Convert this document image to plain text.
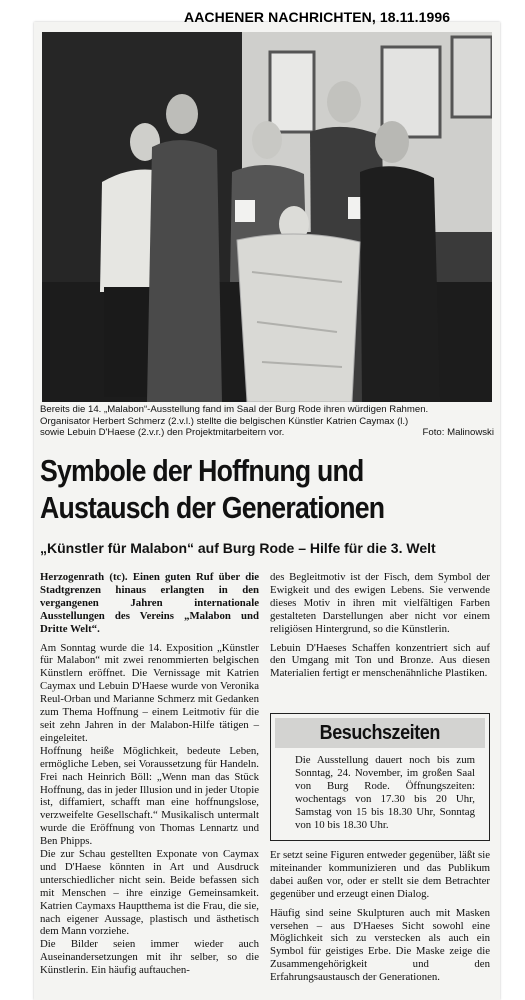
AACHENER NACHRICHTEN, 18.11.1996
Bereits die 14. „Malabon“-Ausstellung fand im Saal der Burg Rode ihren würdigen Rahmen.
Organisator Herbert Schmerz (2.v.l.) stellte die belgischen Künstler Katrien Caymax (l.)
sowie Lebuin D'Haese (2.v.r.) den Projektmitarbeitern vor.	Foto: Malinowski
Symbole der Hoffnung und
Austausch der Generationen
„Künstler für Malabon“ auf Burg Rode – Hilfe für die 3. Welt

Herzogenrath (tc). Einen guten Ruf über die Stadtgrenzen hinaus erlangten in den vergangenen Jahren internationale Ausstellungen des Vereins „Malabon und Dritte Welt“.

Am Sonntag wurde die 14. Exposition „Künstler für Malabon“ mit zwei renommierten belgischen Künstlern eröffnet. Die Vernissage mit Katrien Caymax und Lebuin D'Haese wurde von Veronika Reul-Orban und Marianne Schmerz mit Gedanken zum Thema Hoffnung – einem Leitmotiv für die seit zehn Jahren in der Malabon-Hilfe tätigen – eingeleitet.

Hoffnung heiße Möglichkeit, bedeute Leben, ermögliche Leben, sei Voraussetzung für Handeln. Frei nach Heinrich Böll: „Wenn man das Stück Hoffnung, das in jeder Illusion und in jeder Utopie ist, diffamiert, schafft man eine hoffnungslose, verzweifelte Gesellschaft.“ Musikalisch untermalt wurde die Eröffnung von Thomas Lennartz und Ben Phipps.

Die zur Schau gestellten Exponate von Caymax und D'Haese könnten in Art und Ausdruck unterschiedlicher nicht sein. Beide befassen sich mit Menschen – ihre einzige Gemeinsamkeit. Katrien Caymaxs Hauptthema ist die Frau, die sie, nach eigener Aussage, plastisch und ästhetisch dem Mann vorziehe.

Die Bilder seien immer wieder auch Auseinandersetzungen mit ihr selber, so die Künstlerin. Ein häufig auftauchen-

des Begleitmotiv ist der Fisch, dem Symbol der Ewigkeit und des ewigen Lebens. Sie verwende dieses Motiv in ihren mit vielfältigen Farben gestalteten Darstellungen aber nicht vor einem religiösen Hintergrund, so die Künstlerin.

Lebuin D'Haeses Schaffen konzentriert sich auf den Umgang mit Ton und Bronze. Aus diesen Materialien fertigt er menschenähnliche Plastiken.

Besuchszeiten
Die Ausstellung dauert noch bis zum Sonntag, 24. November, im großen Saal von Burg Rode. Öffnungszeiten: wochentags von 17.30 bis 20 Uhr, Samstag von 15 bis 18.30 Uhr, Sonntag von 10 bis 18.30 Uhr.

Er setzt seine Figuren entweder gegenüber, läßt sie miteinander kommunizieren und das Publikum dabei außen vor, oder er stellt sie dem Betrachter gegenüber und erzeugt einen Dialog.

Häufig sind seine Skulpturen auch mit Masken versehen – aus D'Haeses Sicht sowohl eine Möglichkeit sich zu verstecken als auch ein Symbol für geistiges Erbe. Die Maske zeige die Zusammengehörigkeit und den Erfahrungsaustausch der Generationen.
